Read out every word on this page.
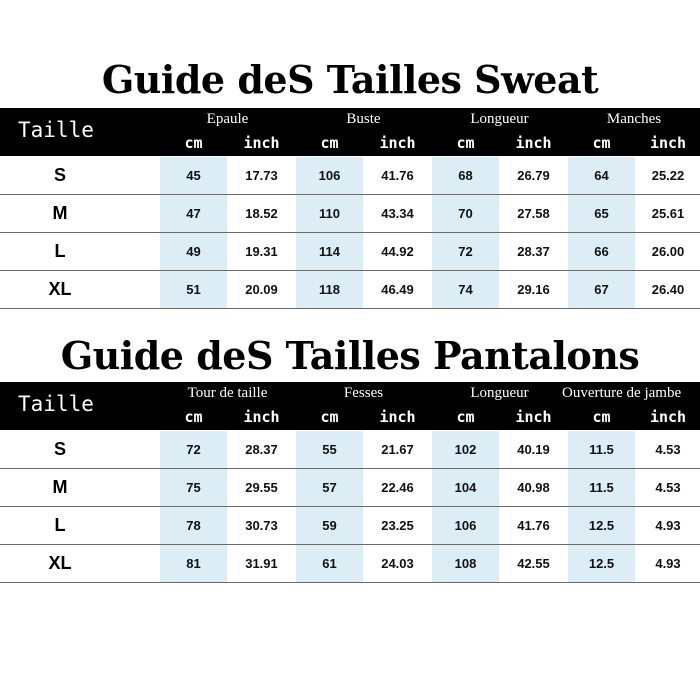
Guide deS Tailles Sweat
Taille	Epaule	Buste	Longueur	Manches
cm	inch	cm	inch	cm	inch	cm	inch
S	45	17.73	106	41.76	68	26.79	64	25.22
M	47	18.52	110	43.34	70	27.58	65	25.61
L	49	19.31	114	44.92	72	28.37	66	26.00
XL	51	20.09	118	46.49	74	29.16	67	26.40
Guide deS Tailles Pantalons
Taille	Tour de taille	Fesses	Longueur	Ouverture de jambe
cm	inch	cm	inch	cm	inch	cm	inch
S	72	28.37	55	21.67	102	40.19	11.5	4.53
M	75	29.55	57	22.46	104	40.98	11.5	4.53
L	78	30.73	59	23.25	106	41.76	12.5	4.93
XL	81	31.91	61	24.03	108	42.55	12.5	4.93
